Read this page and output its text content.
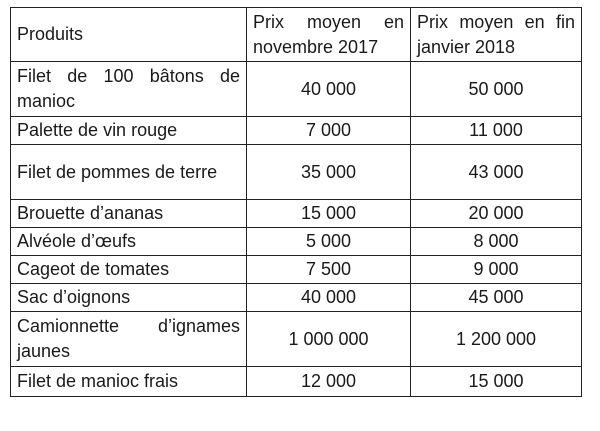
Produits	Prix moyen en novembre 2017	Prix moyen en fin janvier 2018
Filet de 100 bâtons de manioc	40 000	50 000
Palette de vin rouge	7 000	11 000
Filet de pommes de terre	35 000	43 000
Brouette d’ananas	15 000	20 000
Alvéole d’œufs	5 000	8 000
Cageot de tomates	7 500	9 000
Sac d’oignons	40 000	45 000
Camionnette d’ignames jaunes	1 000 000	1 200 000
Filet de manioc frais	12 000	15 000
